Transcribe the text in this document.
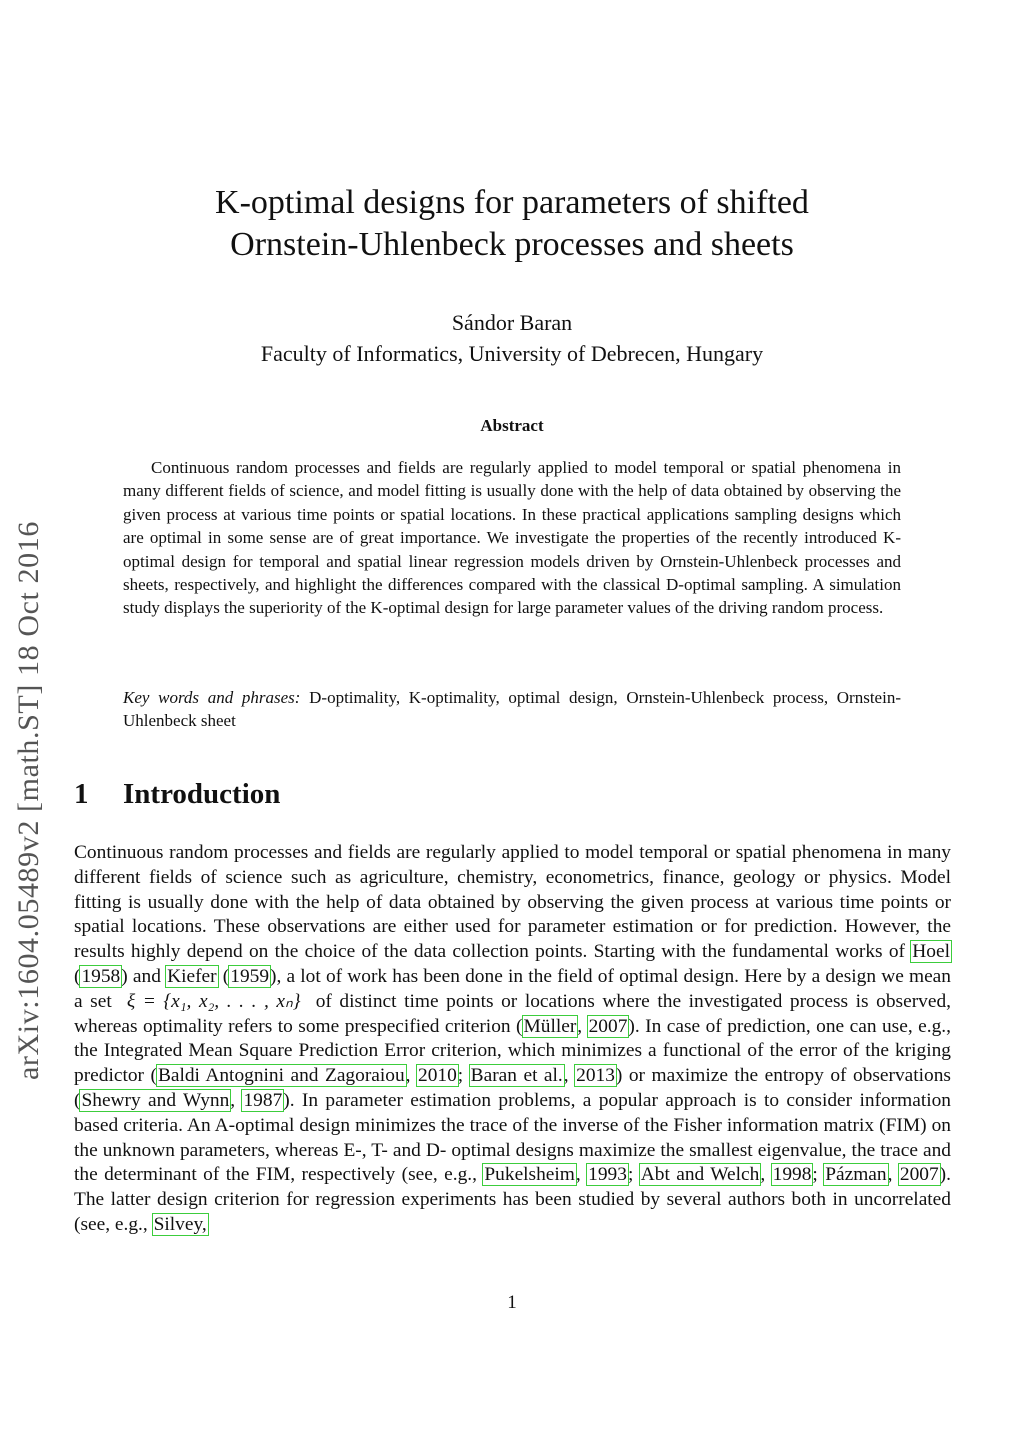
arXiv:1604.05489v2 [math.ST] 18 Oct 2016
K-optimal designs for parameters of shifted
Ornstein-Uhlenbeck processes and sheets
Sándor Baran
Faculty of Informatics, University of Debrecen, Hungary
Abstract

Continuous random processes and fields are regularly applied to model temporal or spatial phenomena in many different fields of science, and model fitting is usually done with the help of data obtained by observing the given process at various time points or spatial locations. In these practical applications sampling designs which are optimal in some sense are of great importance. We investigate the properties of the recently introduced K-optimal design for temporal and spatial linear regression models driven by Ornstein-Uhlenbeck processes and sheets, respectively, and highlight the differences compared with the classical D-optimal sampling. A simulation study displays the superiority of the K-optimal design for large parameter values of the driving random process.

Key words and phrases: D-optimality, K-optimality, optimal design, Ornstein-Uhlenbeck process, Ornstein-Uhlenbeck sheet

1 Introduction

Continuous random processes and fields are regularly applied to model temporal or spatial phenomena in many different fields of science such as agriculture, chemistry, econometrics, finance, geology or physics. Model fitting is usually done with the help of data obtained by observing the given process at various time points or spatial locations. These observations are either used for parameter estimation or for prediction. However, the results highly depend on the choice of the data collection points. Starting with the fundamental works of Hoel (1958) and Kiefer (1959), a lot of work has been done in the field of optimal design. Here by a design we mean a set ξ = {x₁, x₂, . . . , xₙ} of distinct time points or locations where the investigated process is observed, whereas optimality refers to some prespecified criterion (Müller, 2007). In case of prediction, one can use, e.g., the Integrated Mean Square Prediction Error criterion, which minimizes a functional of the error of the kriging predictor (Baldi Antognini and Zagoraiou, 2010; Baran et al., 2013) or maximize the entropy of observations (Shewry and Wynn, 1987). In parameter estimation problems, a popular approach is to consider information based criteria. An A-optimal design minimizes the trace of the inverse of the Fisher information matrix (FIM) on the unknown parameters, whereas E-, T- and D- optimal designs maximize the smallest eigenvalue, the trace and the determinant of the FIM, respectively (see, e.g., Pukelsheim, 1993; Abt and Welch, 1998; Pázman, 2007). The latter design criterion for regression experiments has been studied by several authors both in uncorrelated (see, e.g., Silvey,

1
